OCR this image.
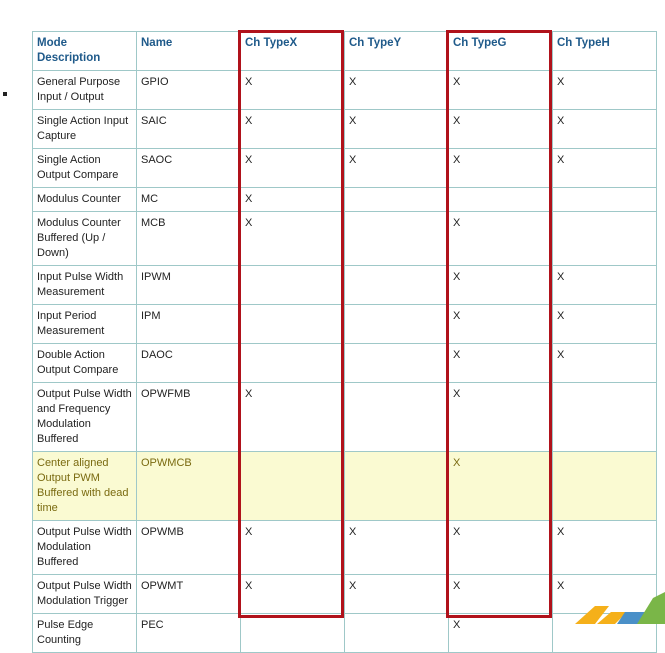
Mode Description	Name	Ch TypeX	Ch TypeY	Ch TypeG	Ch TypeH
General Purpose Input / Output	GPIO	X	X	X	X
Single Action Input Capture	SAIC	X	X	X	X
Single Action Output Compare	SAOC	X	X	X	X
Modulus Counter	MC	X			
Modulus Counter Buffered (Up / Down)	MCB	X		X	
Input Pulse Width Measurement	IPWM			X	X
Input Period Measurement	IPM			X	X
Double Action Output Compare	DAOC			X	X
Output Pulse Width and Frequency Modulation Buffered	OPWFMB	X		X	
Center aligned Output PWM Buffered with dead time	OPWMCB			X	
Output Pulse Width Modulation Buffered	OPWMB	X	X	X	X
Output Pulse Width Modulation Trigger	OPWMT	X	X	X	X
Pulse Edge Counting	PEC			X	
